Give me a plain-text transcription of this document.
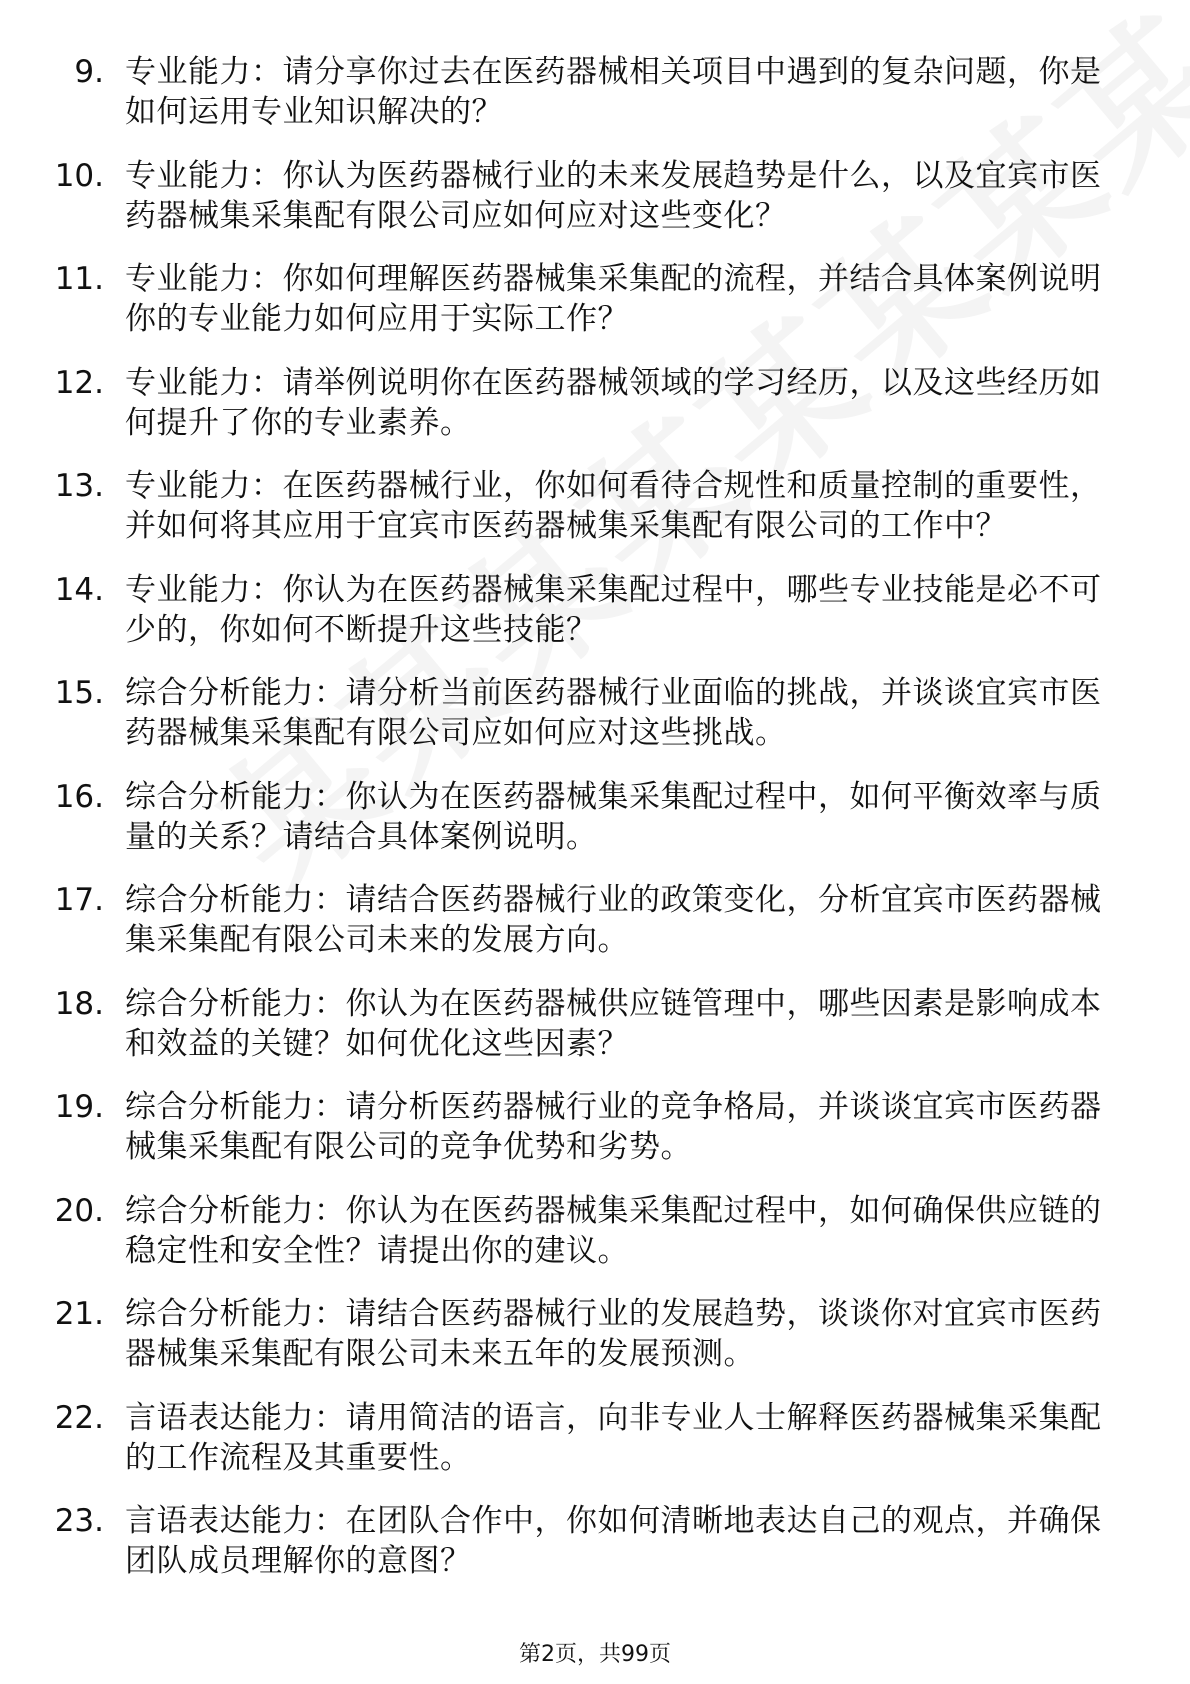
9. 专业能力：请分享你过去在医药器械相关项目中遇到的复杂问题，你是如何运用专业知识解决的？
10. 专业能力：你认为医药器械行业的未来发展趋势是什么，以及宜宾市医药器械集采集配有限公司应如何应对这些变化？
11. 专业能力：你如何理解医药器械集采集配的流程，并结合具体案例说明你的专业能力如何应用于实际工作？
12. 专业能力：请举例说明你在医药器械领域的学习经历，以及这些经历如何提升了你的专业素养。
13. 专业能力：在医药器械行业，你如何看待合规性和质量控制的重要性，并如何将其应用于宜宾市医药器械集采集配有限公司的工作中？
14. 专业能力：你认为在医药器械集采集配过程中，哪些专业技能是必不可少的，你如何不断提升这些技能？
15. 综合分析能力：请分析当前医药器械行业面临的挑战，并谈谈宜宾市医药器械集采集配有限公司应如何应对这些挑战。
16. 综合分析能力：你认为在医药器械集采集配过程中，如何平衡效率与质量的关系？请结合具体案例说明。
17. 综合分析能力：请结合医药器械行业的政策变化，分析宜宾市医药器械集采集配有限公司未来的发展方向。
18. 综合分析能力：你认为在医药器械供应链管理中，哪些因素是影响成本和效益的关键？如何优化这些因素？
19. 综合分析能力：请分析医药器械行业的竞争格局，并谈谈宜宾市医药器械集采集配有限公司的竞争优势和劣势。
20. 综合分析能力：你认为在医药器械集采集配过程中，如何确保供应链的稳定性和安全性？请提出你的建议。
21. 综合分析能力：请结合医药器械行业的发展趋势，谈谈你对宜宾市医药器械集采集配有限公司未来五年的发展预测。
22. 言语表达能力：请用简洁的语言，向非专业人士解释医药器械集采集配的工作流程及其重要性。
23. 言语表达能力：在团队合作中，你如何清晰地表达自己的观点，并确保团队成员理解你的意图？
第2页，共99页
